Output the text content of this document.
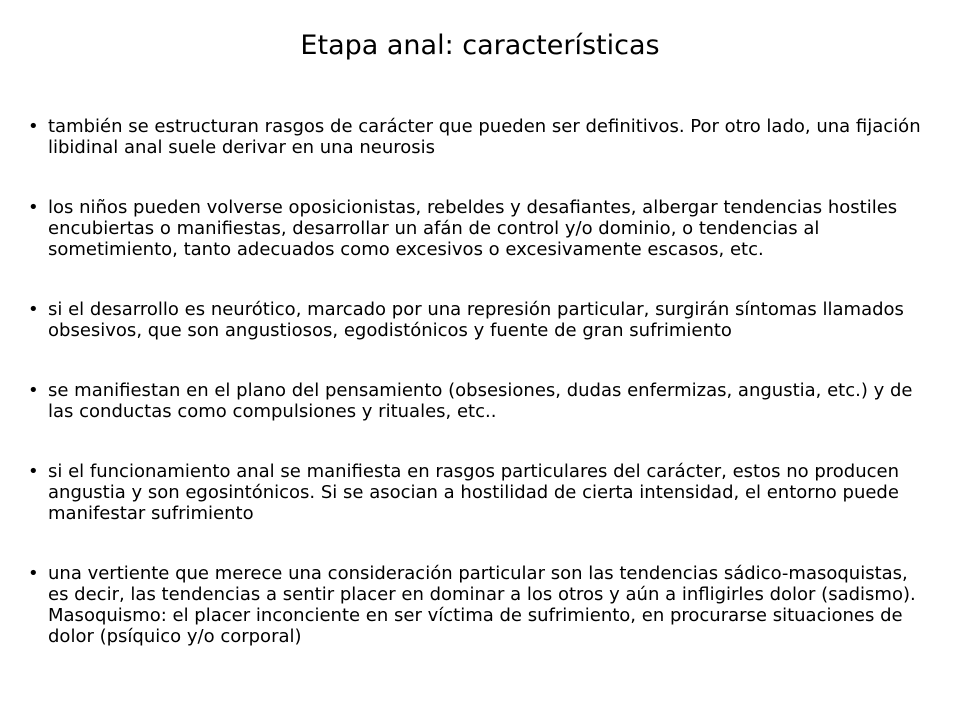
Etapa anal: características
• también se estructuran rasgos de carácter que pueden ser definitivos. Por otro lado, una fijación libidinal anal suele derivar en una neurosis
• los niños pueden volverse oposicionistas, rebeldes y desafiantes, albergar tendencias hostiles encubiertas o manifiestas, desarrollar un afán de control y/o dominio, o tendencias al sometimiento, tanto adecuados como excesivos o excesivamente escasos, etc.
• si el desarrollo es neurótico, marcado por una represión particular, surgirán síntomas llamados obsesivos, que son angustiosos, egodistónicos y fuente de gran sufrimiento
• se manifiestan en el plano del pensamiento (obsesiones, dudas enfermizas, angustia, etc.) y de las conductas como compulsiones y rituales, etc..
• si el funcionamiento anal se manifiesta en rasgos particulares del carácter, estos no producen angustia y son egosintónicos. Si se asocian a hostilidad de cierta intensidad, el entorno puede manifestar sufrimiento
• una vertiente que merece una consideración particular son las tendencias sádico-masoquistas, es decir, las tendencias a sentir placer en dominar a los otros y aún a infligirles dolor (sadismo). Masoquismo: el placer inconciente en ser víctima de sufrimiento, en procurarse situaciones de dolor (psíquico y/o corporal)
